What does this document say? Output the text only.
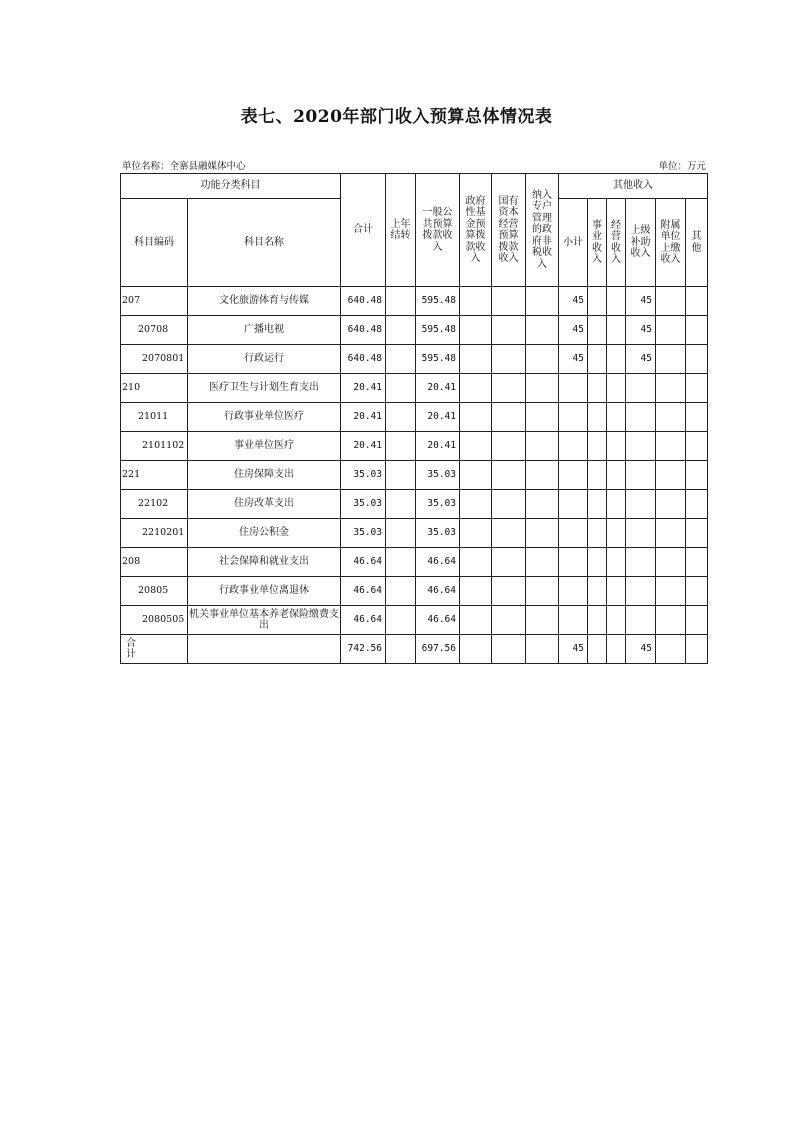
表七、2020年部门收入预算总体情况表
单位名称：全寨县融媒体中心	单位：万元
功能分类科目		合计	上年结转	一般公共预算拨款收入	政府性基金预算拨款收入	国有资本经营预算拨款收入	纳入专户管理的政府非税收入	其他收入					
科目编码	科目名称							小计	事业收入	经营收入	上级补助收入	附属单位上缴收入	其他
207	文化旅游体育与传媒	640.48		595.48				45			45		
20708	广播电视	640.48		595.48				45			45		
2070801	行政运行	640.48		595.48				45			45		
210	医疗卫生与计划生育支出	20.41		20.41									
21011	行政事业单位医疗	20.41		20.41									
2101102	事业单位医疗	20.41		20.41									
221	住房保障支出	35.03		35.03									
22102	住房改革支出	35.03		35.03									
2210201	住房公积金	35.03		35.03									
208	社会保障和就业支出	46.64		46.64									
20805	行政事业单位离退休	46.64		46.64									
2080505	机关事业单位基本养老保险缴费支出	46.64		46.64									
合计		742.56		697.56				45			45		
